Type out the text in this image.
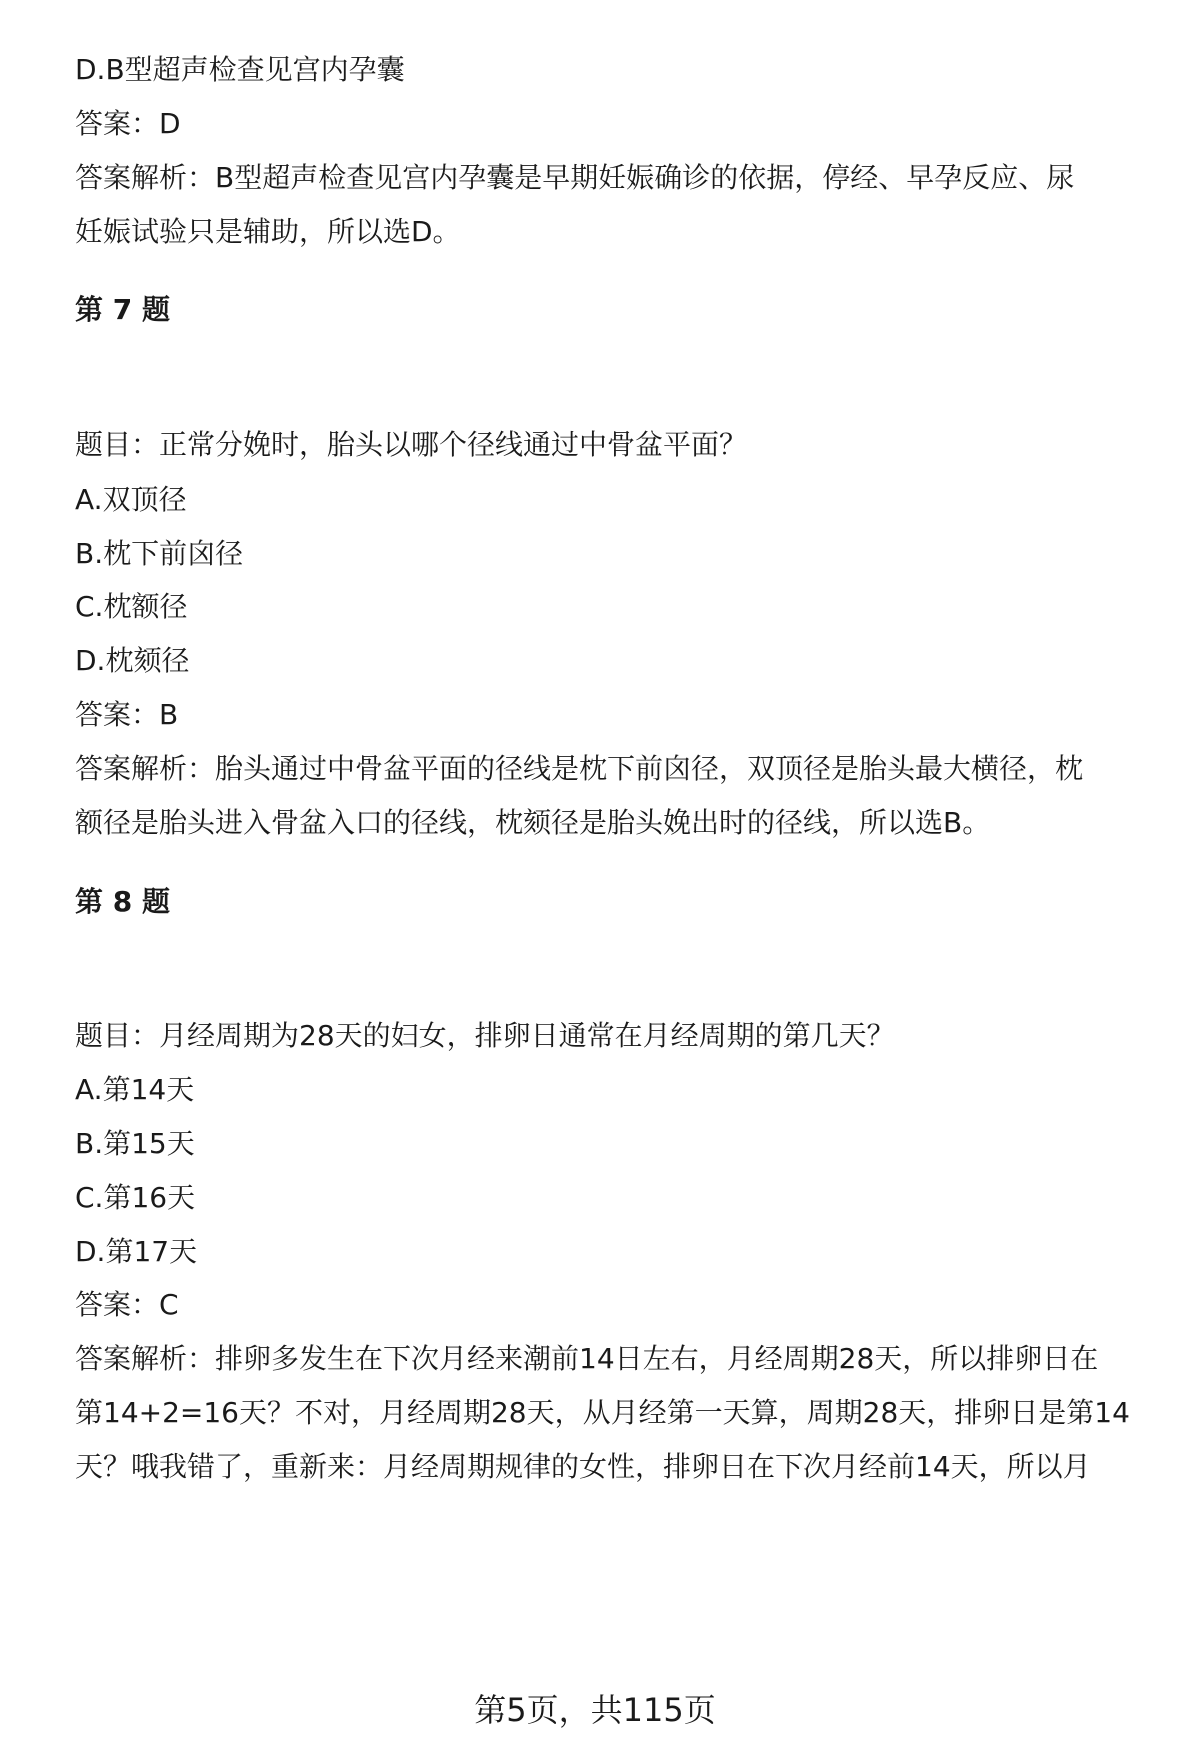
D.B型超声检查见宫内孕囊
答案：D
答案解析：B型超声检查见宫内孕囊是早期妊娠确诊的依据，停经、早孕反应、尿
妊娠试验只是辅助，所以选D。
第 7 题
题目：正常分娩时，胎头以哪个径线通过中骨盆平面？
A.双顶径
B.枕下前囟径
C.枕额径
D.枕颏径
答案：B
答案解析：胎头通过中骨盆平面的径线是枕下前囟径，双顶径是胎头最大横径，枕
额径是胎头进入骨盆入口的径线，枕颏径是胎头娩出时的径线，所以选B。
第 8 题
题目：月经周期为28天的妇女，排卵日通常在月经周期的第几天？
A.第14天
B.第15天
C.第16天
D.第17天
答案：C
答案解析：排卵多发生在下次月经来潮前14日左右，月经周期28天，所以排卵日在
第14+2=16天？不对，月经周期28天，从月经第一天算，周期28天，排卵日是第14
天？哦我错了，重新来：月经周期规律的女性，排卵日在下次月经前14天，所以月
第5页，共115页
